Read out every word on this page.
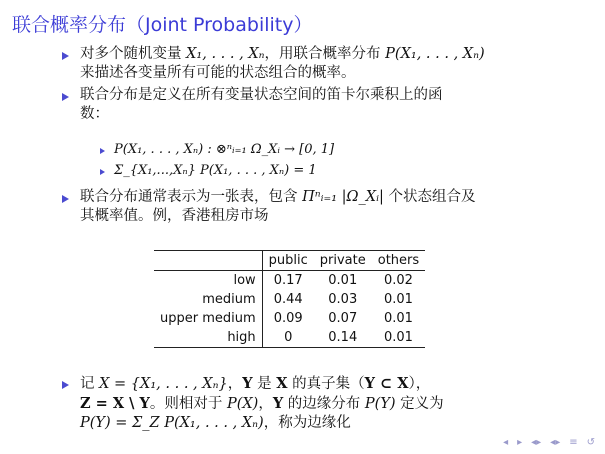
联合概率分布（Joint Probability）
对多个随机变量 X₁, . . . , Xₙ，用联合概率分布 P(X₁, . . . , Xₙ)
来描述各变量所有可能的状态组合的概率。
联合分布是定义在所有变量状态空间的笛卡尔乘积上的函
数：
P(X₁, . . . , Xₙ) : ⊗ⁿᵢ₌₁ Ω_Xᵢ → [0, 1]
Σ_{X₁,...,Xₙ} P(X₁, . . . , Xₙ) = 1
联合分布通常表示为一张表，包含 Πⁿᵢ₌₁ |Ω_Xᵢ| 个状态组合及
其概率值。例，香港租房市场
	public	private	others
low	0.17	0.01	0.02
medium	0.44	0.03	0.01
upper medium	0.09	0.07	0.01
high	0	0.14	0.01
记 X = {X₁, . . . , Xₙ}，Y 是 X 的真子集（Y ⊂ X），
Z = X \ Y。则相对于 P(X)，Y 的边缘分布 P(Y) 定义为
P(Y) = Σ_Z P(X₁, . . . , Xₙ)，称为边缘化
◂ ▸ ◂▸ ◂▸ ≡ ↺
